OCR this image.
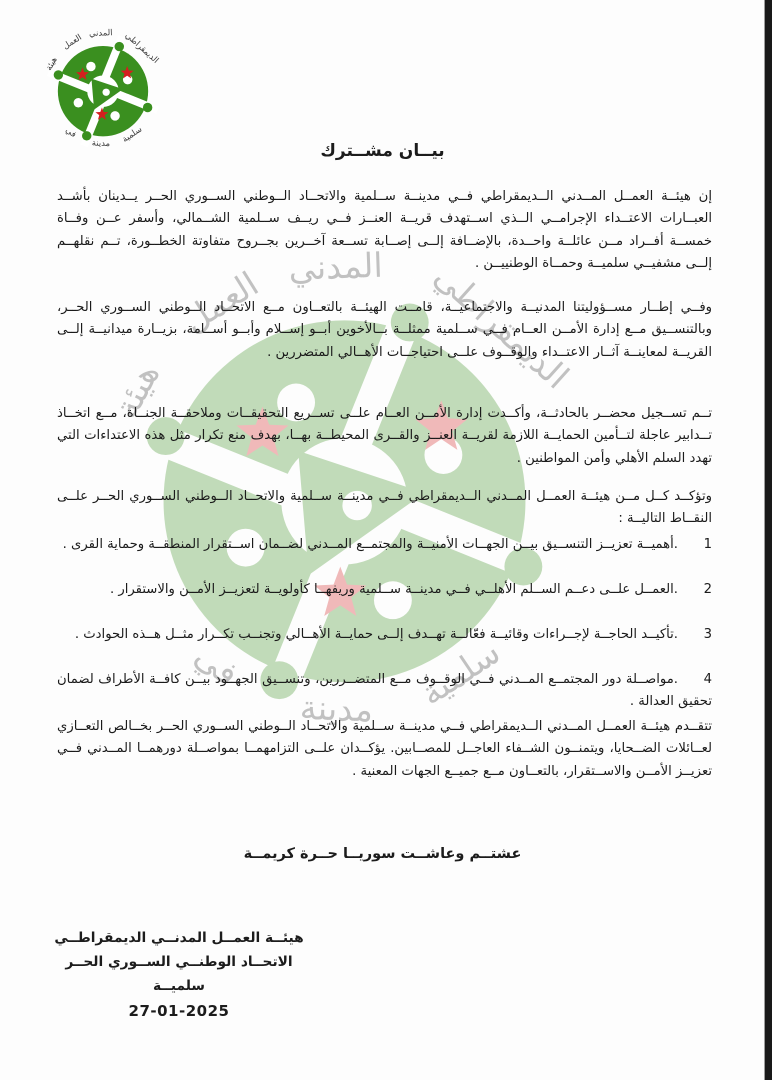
بيــان مشــترك
إن هيئــة العمــل المــدني الــديمقراطي فــي مدينــة ســلمية والاتحــاد الــوطني الســوري الحــر يــدينان بأشــد العبــارات الاعتــداء الإجرامــي الــذي اســتهدف قريــة العنــز فــي ريــف ســلمية الشــمالي، وأسفر عــن وفــاة خمســة أفــراد مــن عائلــة واحــدة، بالإضــافة إلــى إصــابة تســعة آخــرين بجــروح متفاوتة الخطــورة، تــم نقلهــم إلــى مشفيــي سلميــة وحمــاة الوطنييــن .
وفــي إطــار مســؤوليتنا المدنيــة والاجتماعيــة، قامــت الهيئــة بالتعــاون مــع الاتحــاد الــوطني الســوري الحــر، وبالتنســيق مــع إدارة الأمــن العــام فــي ســلمية ممثلــة بــالأخوين أبــو إســلام وأبــو أســامة، بزيــارة ميدانيــة إلــى القريــة لمعاينــة آثــار الاعتــداء والوقــوف علــى احتياجــات الأهــالي المتضررين .
تــم تســجيل محضــر بالحادثــة، وأكــدت إدارة الأمــن العــام علــى تســريع التحقيقــات وملاحقــة الجنــاة، مــع اتخــاذ تــدابير عاجلة لتــأمين الحمايــة اللازمة لقريــة العنــز والقــرى المحيطــة بهــا، بهدف منع تكرار مثل هذه الاعتداءات التي تهدد السلم الأهلي وأمن المواطنين .
وتؤكــد كــل مــن هيئــة العمــل المــدني الــديمقراطي فــي مدينــة ســلمية والاتحــاد الــوطني الســوري الحــر علــى النقــاط التاليــة :
1.أهميــة تعزيــز التنســيق بيــن الجهــات الأمنيــة والمجتمــع المــدني لضــمان اســتقرار المنطقــة وحماية القرى .
2.العمــل علــى دعــم الســلم الأهلــي فــي مدينــة ســلمية وريفهــا كأولويــة لتعزيــز الأمــن والاستقرار .
3.تأكيــد الحاجــة لإجــراءات وقائيــة فعّالــة تهــدف إلــى حمايــة الأهــالي وتجنــب تكــرار مثــل هــذه الحوادث .
4.مواصــلة دور المجتمــع المــدني فــي الوقــوف مــع المتضــررين، وتنســيق الجهــود بيــن كافــة الأطراف لضمان تحقيق العدالة .
تتقــدم هيئــة العمــل المــدني الــديمقراطي فــي مدينــة ســلمية والاتحــاد الــوطني الســوري الحــر بخــالص التعــازي لعــائلات الضــحايا، ويتمنــون الشــفاء العاجــل للمصــابين. يؤكــدان علــى التزامهمــا بمواصــلة دورهمــا المــدني فــي تعزيــز الأمــن والاســتقرار، بالتعــاون مــع جميــع الجهات المعنية .
عشتــم وعاشــت سوريــا حــرة كريمــة
هيئــة العمــل المدنــي الديمقراطــي
الاتحــاد الوطنــي الســوري الحــر
سلميــة
27-01-2025
